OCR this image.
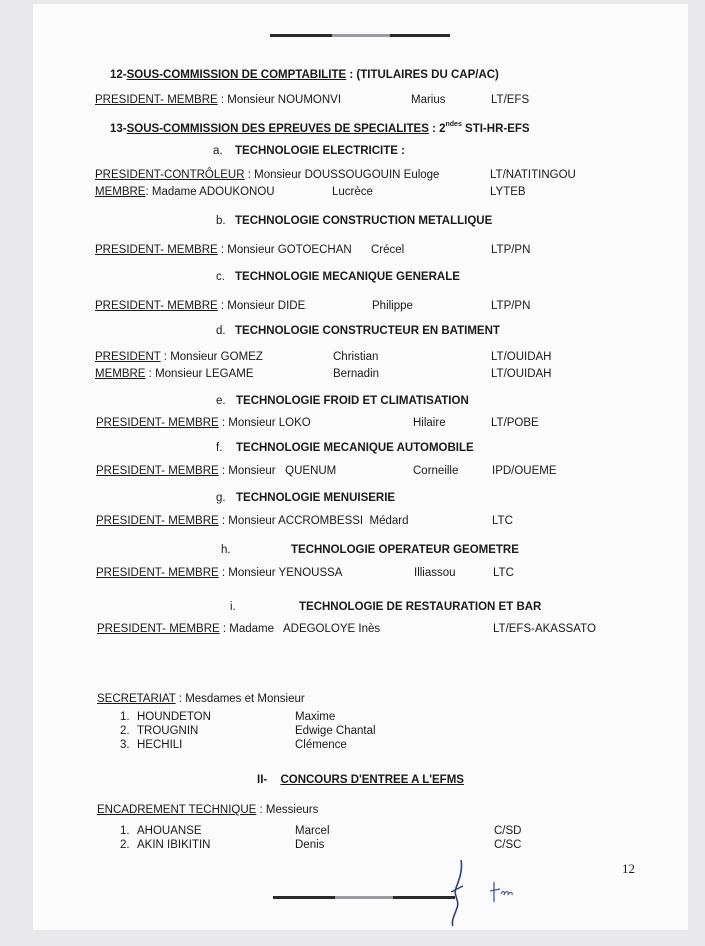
12-SOUS-COMMISSION DE COMPTABILITE : (TITULAIRES DU CAP/AC)
PRESIDENT- MEMBRE : Monsieur NOUMONVI	Marius	LT/EFS
13-SOUS-COMMISSION DES EPREUVES DE SPECIALITES : $2^{ndes}$ STI-HR-EFS
a. TECHNOLOGIE ELECTRICITE :
PRESIDENT-CONTRÔLEUR : Monsieur DOUSSOUGOUIN Euloge	LT/NATITINGOU
MEMBRE: Madame ADOUKONOU	Lucrèce	LYTEB
b. TECHNOLOGIE CONSTRUCTION METALLIQUE
PRESIDENT- MEMBRE : Monsieur GOTOECHAN Crécel	LTP/PN
c. TECHNOLOGIE MECANIQUE GENERALE
PRESIDENT- MEMBRE : Monsieur DIDE	Philippe	LTP/PN
d. TECHNOLOGIE CONSTRUCTEUR EN BATIMENT
PRESIDENT : Monsieur GOMEZ	Christian	LT/OUIDAH
MEMBRE : Monsieur LEGAME	Bernadin	LT/OUIDAH
e. TECHNOLOGIE FROID ET CLIMATISATION
PRESIDENT- MEMBRE : Monsieur LOKO	Hilaire	LT/POBE
f. TECHNOLOGIE MECANIQUE AUTOMOBILE
PRESIDENT- MEMBRE : Monsieur   QUENUM	Corneille	IPD/OUEME
g. TECHNOLOGIE MENUISERIE
PRESIDENT- MEMBRE : Monsieur ACCROMBESSI  Médard	LTC
h.	TECHNOLOGIE OPERATEUR GEOMETRE
PRESIDENT- MEMBRE : Monsieur YENOUSSA	Illiassou	LTC
i.	TECHNOLOGIE DE RESTAURATION ET BAR
PRESIDENT- MEMBRE : Madame   ADEGOLOYE Inès	LT/EFS-AKASSATO
SECRETARIAT : Mesdames et Monsieur
II- CONCOURS D'ENTREE A L'EFMS
ENCADREMENT TECHNIQUE : Messieurs
12
1. HOUNDETON	Maxime
2. TROUGNIN	Edwige Chantal
3. HECHILI	Clémence
1. AHOUANSE	Marcel	C/SD
2. AKIN IBIKITIN	Denis	C/SC
